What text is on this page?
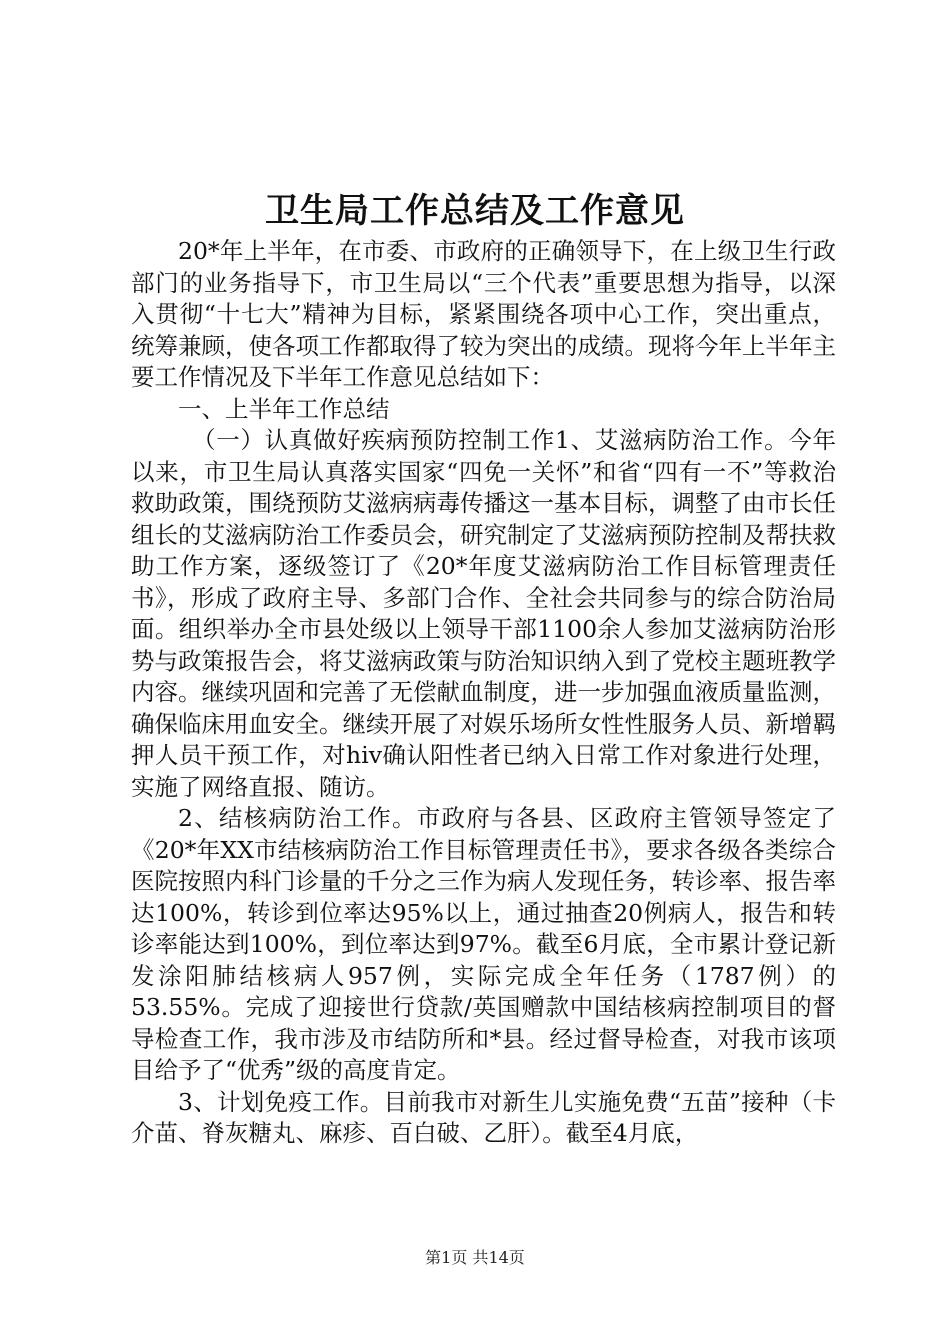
卫生局工作总结及工作意见

20*年上半年，在市委、市政府的正确领导下，在上级卫生行政部门的业务指导下，市卫生局以“三个代表”重要思想为指导，以深入贯彻“十七大”精神为目标，紧紧围绕各项中心工作，突出重点，统筹兼顾，使各项工作都取得了较为突出的成绩。现将今年上半年主要工作情况及下半年工作意见总结如下：

一、上半年工作总结

（一）认真做好疾病预防控制工作1、艾滋病防治工作。今年以来，市卫生局认真落实国家“四免一关怀”和省“四有一不”等救治救助政策，围绕预防艾滋病病毒传播这一基本目标，调整了由市长任组长的艾滋病防治工作委员会，研究制定了艾滋病预防控制及帮扶救助工作方案，逐级签订了《20*年度艾滋病防治工作目标管理责任书》，形成了政府主导、多部门合作、全社会共同参与的综合防治局面。组织举办全市县处级以上领导干部1100余人参加艾滋病防治形势与政策报告会，将艾滋病政策与防治知识纳入到了党校主题班教学内容。继续巩固和完善了无偿献血制度，进一步加强血液质量监测，确保临床用血安全。继续开展了对娱乐场所女性性服务人员、新增羁押人员干预工作，对hiv确认阳性者已纳入日常工作对象进行处理，实施了网络直报、随访。

2、结核病防治工作。市政府与各县、区政府主管领导签定了《20*年XX市结核病防治工作目标管理责任书》，要求各级各类综合医院按照内科门诊量的千分之三作为病人发现任务，转诊率、报告率达100%，转诊到位率达95%以上，通过抽查20例病人，报告和转诊率能达到100%，到位率达到97%。截至6月底，全市累计登记新发涂阳肺结核病人957例，实际完成全年任务（1787例）的53.55%。完成了迎接世行贷款/英国赠款中国结核病控制项目的督导检查工作，我市涉及市结防所和*县。经过督导检查，对我市该项目给予了“优秀”级的高度肯定。

3、计划免疫工作。目前我市对新生儿实施免费“五苗”接种（卡介苗、脊灰糖丸、麻疹、百白破、乙肝）。截至4月底，

第1页 共14页
